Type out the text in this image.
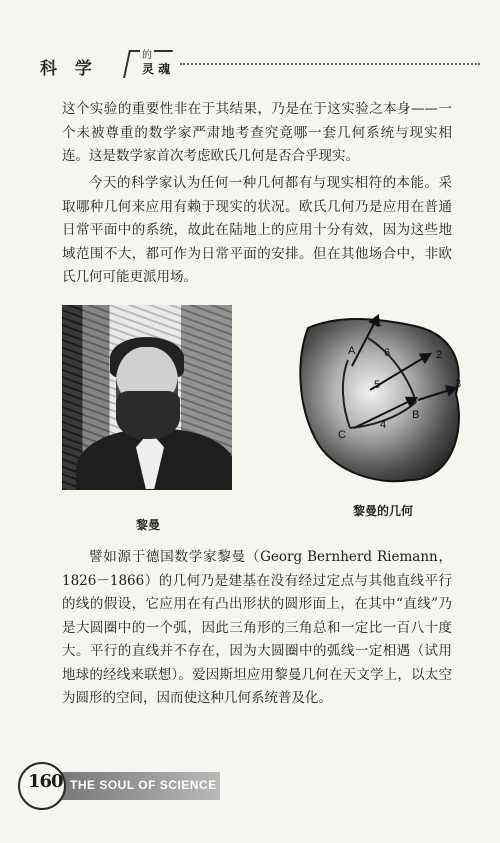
科 学
的
灵 魂
这个实验的重要性非在于其结果，乃是在于这实验之本身——一个未被尊重的数学家严肃地考查究竟哪一套几何系统与现实相连。这是数学家首次考虑欧氏几何是否合乎现实。
今天的科学家认为任何一种几何都有与现实相符的本能。采取哪种几何来应用有赖于现实的状况。欧氏几何乃是应用在普通日常平面中的系统，故此在陆地上的应用十分有效，因为这些地域范围不大，都可作为日常平面的安排。但在其他场合中，非欧氏几何可能更派用场。
1
2
3
4
5
6
A
B
C
黎曼
黎曼的几何
譬如源于德国数学家黎曼（Georg Bernherd Riemann，1826－1866）的几何乃是建基在没有经过定点与其他直线平行的线的假设，它应用在有凸出形状的圆形面上，在其中“直线”乃是大圆圈中的一个弧，因此三角形的三角总和一定比一百八十度大。平行的直线并不存在，因为大圆圈中的弧线一定相遇（试用地球的经线来联想）。爱因斯坦应用黎曼几何在天文学上，以太空为圆形的空间，因而使这种几何系统普及化。
160 THE SOUL OF SCIENCE
